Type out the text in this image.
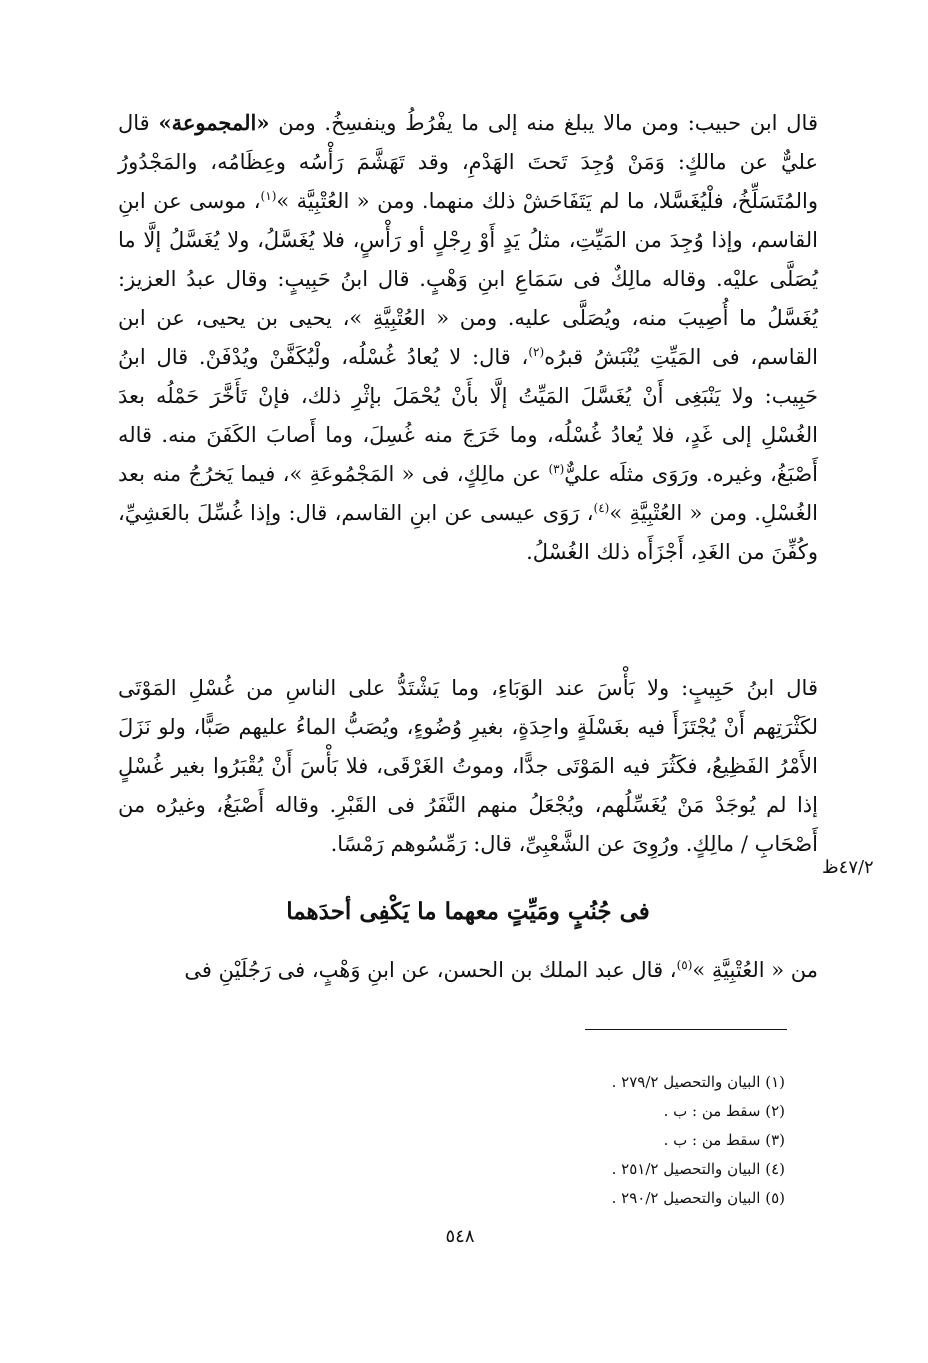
قال ابن حبيب: ومن مالا يبلغ منه إلى ما يفْرُطُ وينفسِخُ. ومن «المجموعة» قال عليٌّ عن مالكٍ: وَمَنْ وُجِدَ تَحتَ الهَدْمِ، وقد تَهَشَّمَ رَأْسُه وعِظَامُه، والمَجْدُورُ والمُتَسَلِّخُ، فلْيُغَسَّلا، ما لم يَتَفَاحَشْ ذلك منهما. ومن « العُتْبِيَّة »$^{(١)}$، موسى عن ابنِ القاسم، وإذا وُجِدَ من المَيِّتِ، مثلُ يَدٍ أَوْ رِجْلٍ أو رَأْسٍ، فلا يُغَسَّلُ، ولا يُغَسَّلُ إلَّا ما يُصَلَّى عليْه. وقاله مالِكٌ فى سَمَاعِ ابنِ وَهْبٍ. قال ابنُ حَبِيبٍ: وقال عبدُ العزيز: يُغَسَّلُ ما أُصِيبَ منه، ويُصَلَّى عليه. ومن « العُتْبِيَّةِ »، يحيى بن يحيى، عن ابن القاسم، فى المَيِّتِ يُنْبَشُ قبرُه$^{(٢)}$، قال: لا يُعادُ غُسْلُه، ولْيُكَفَّنْ ويُدْفَنْ. قال ابنُ حَبِيب: ولا يَنْبَغِى أَنْ يُغَسَّلَ المَيِّتُ إلَّا بأَنْ يُحْمَلَ بإثْرِ ذلك، فإنْ تَأَخَّرَ حَمْلُه بعدَ الغُسْلِ إلى غَدٍ، فلا يُعادُ غُسْلُه، وما خَرَجَ منه غُسِلَ، وما أَصابَ الكَفَنَ منه. قاله أَصْبَغُ، وغيره. ورَوَى مثلَه عليٌّ$^{(٣)}$ عن مالِكٍ، فى « المَجْمُوعَةِ »، فيما يَخرُجُ منه بعد الغُسْلِ. ومن « العُتْبِيَّةِ »$^{(٤)}$، رَوَى عيسى عن ابنِ القاسم، قال: وإذا غُسِّلَ بالعَشِيِّ، وكُفِّنَ من الغَدِ، أَجْزَأَه ذلك الغُسْلُ.

قال ابنُ حَبِيبٍ: ولا بَأْسَ عند الوَبَاءِ، وما يَشْتَدُّ على الناسِ من غُسْلِ المَوْتَى لكَثْرَتِهم أَنْ يُجْتَزَأَ فيه بغَسْلَةٍ واحِدَةٍ، بغيرِ وُضُوءٍ، ويُصَبُّ الماءُ عليهم صَبًّا، ولو نَزَلَ الأَمْرُ الفَظِيعُ، فكَثُرَ فيه المَوْتَى جدًّا، وموتُ الغَرْقَى، فلا بَأْسَ أَنْ يُقْبَرُوا بغير غُسْلٍ إذا لم يُوجَدْ مَنْ يُغَسِّلُهم، ويُجْعَلُ منهم النَّفَرُ فى القَبْرِ. وقاله أَصْبَغُ، وغيرُه من أَصْحَابِ / مالِكٍ. ورُوِىَ عن الشَّعْبِىِّ، قال: رَمِّسُوهم رَمْسًا.

٤٧/٢ظ
فى جُنُبٍ ومَيِّتٍ معهما ما يَكْفِى أحدَهما

من « العُتْبِيَّةِ »$^{(٥)}$، قال عبد الملك بن الحسن، عن ابنِ وَهْبٍ، فى رَجُلَيْنِ فى

(١) البيان والتحصيل ٢٧٩/٢ .
(٢) سقط من : ب .
(٣) سقط من : ب .
(٤) البيان والتحصيل ٢٥١/٢ .
(٥) البيان والتحصيل ٢٩٠/٢ .
٥٤٨
